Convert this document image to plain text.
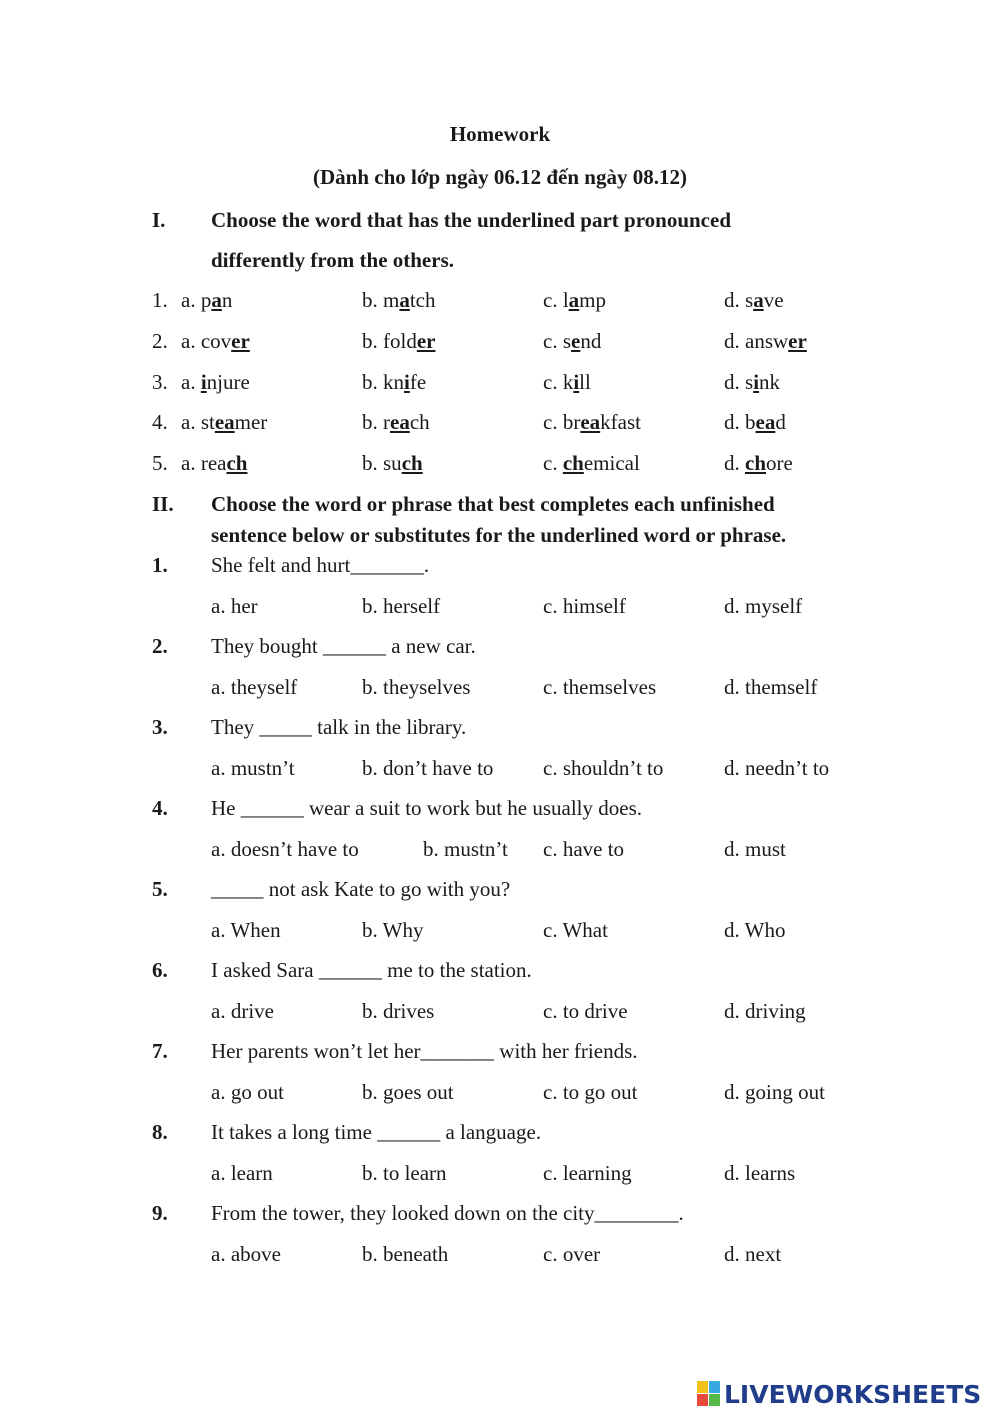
Homework
(Dành cho lớp ngày 06.12 đến ngày 08.12)
I. Choose the word that has the underlined part pronounced
differently from the others.
1. a. pan	b. match	c. lamp	d. save
2. a. cover	b. folder	c. send	d. answer
3. a. injure	b. knife	c. kill	d. sink
4. a. steamer	b. reach	c. breakfast	d. bead
5. a. reach	b. such	c. chemical	d. chore
II. Choose the word or phrase that best completes each unfinished
sentence below or substitutes for the underlined word or phrase.
1. She felt and hurt_______.
a. her	b. herself	c. himself	d. myself
2. They bought ______ a new car.
a. theyself	b. theyselves	c. themselves	d. themself
3. They _____ talk in the library.
a. mustn’t	b. don’t have to c. shouldn’t to	d. needn’t to
4. He ______ wear a suit to work but he usually does.
a. doesn’t have to	b. mustn’t c. have to	d. must
5. _____ not ask Kate to go with you?
a. When	b. Why	c. What	d. Who
6. I asked Sara ______ me to the station.
a. drive	b. drives	c. to drive	d. driving
7. Her parents won’t let her_______ with her friends.
a. go out	b. goes out	c. to go out	d. going out
8. It takes a long time ______ a language.
a. learn	b. to learn	c. learning	d. learns
9. From the tower, they looked down on the city________.
a. above	b. beneath	c. over	d. next
LIVEWORKSHEETS
